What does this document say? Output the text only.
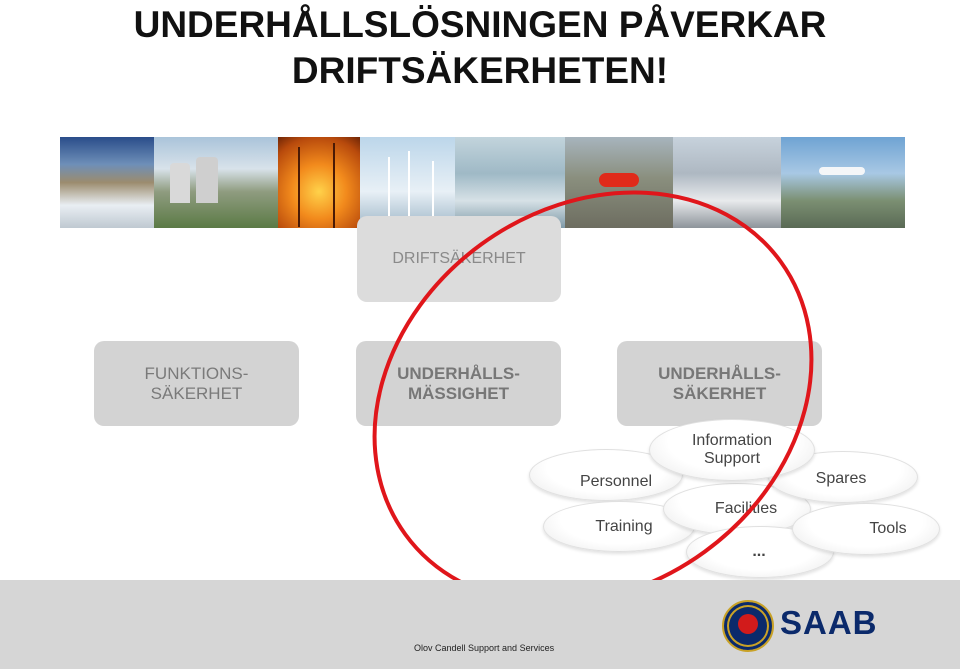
UNDERHÅLLSLÖSNINGEN PÅVERKAR
DRIFTSÄKERHETEN!
DRIFTSÄKERHET
FUNKTIONS-
SÄKERHET
UNDERHÅLLS-
MÄSSIGHET
UNDERHÅLLS-
SÄKERHET
Personnel
Training
Facilities
...
Spares
Tools
Information
Support
SAAB
Olov Candell Support and Services
